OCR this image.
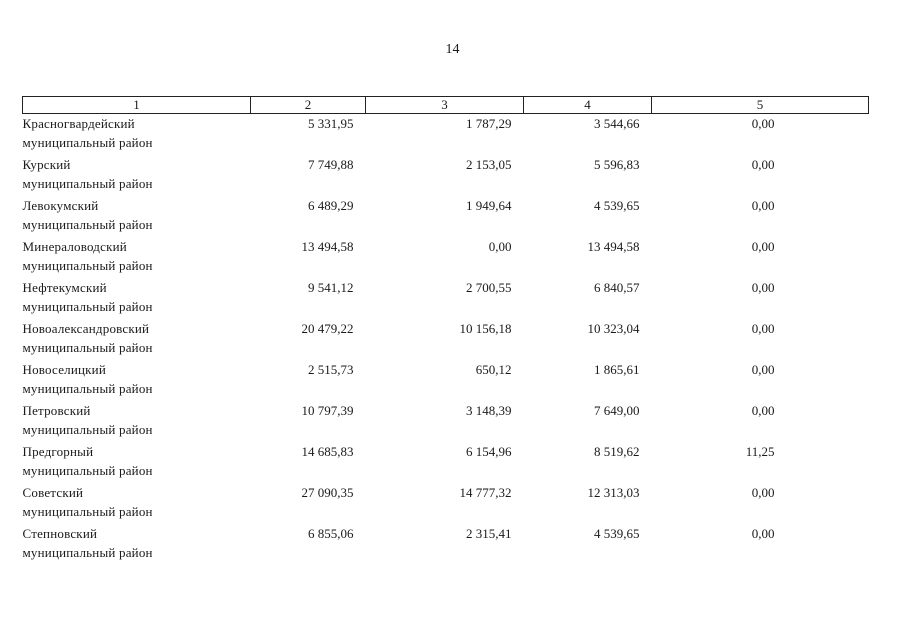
14
1	2	3	4	5

Красногвардейский
муниципальный район	5 331,95	1 787,29	3 544,66	0,00

Курский
муниципальный район	7 749,88	2 153,05	5 596,83	0,00

Левокумский
муниципальный район	6 489,29	1 949,64	4 539,65	0,00

Минераловодский
муниципальный район	13 494,58	0,00	13 494,58	0,00

Нефтекумский
муниципальный район	9 541,12	2 700,55	6 840,57	0,00

Новоалександровский
муниципальный район	20 479,22	10 156,18	10 323,04	0,00

Новоселицкий
муниципальный район	2 515,73	650,12	1 865,61	0,00

Петровский
муниципальный район	10 797,39	3 148,39	7 649,00	0,00

Предгорный
муниципальный район	14 685,83	6 154,96	8 519,62	11,25

Советский
муниципальный район	27 090,35	14 777,32	12 313,03	0,00

Степновский
муниципальный район	6 855,06	2 315,41	4 539,65	0,00
